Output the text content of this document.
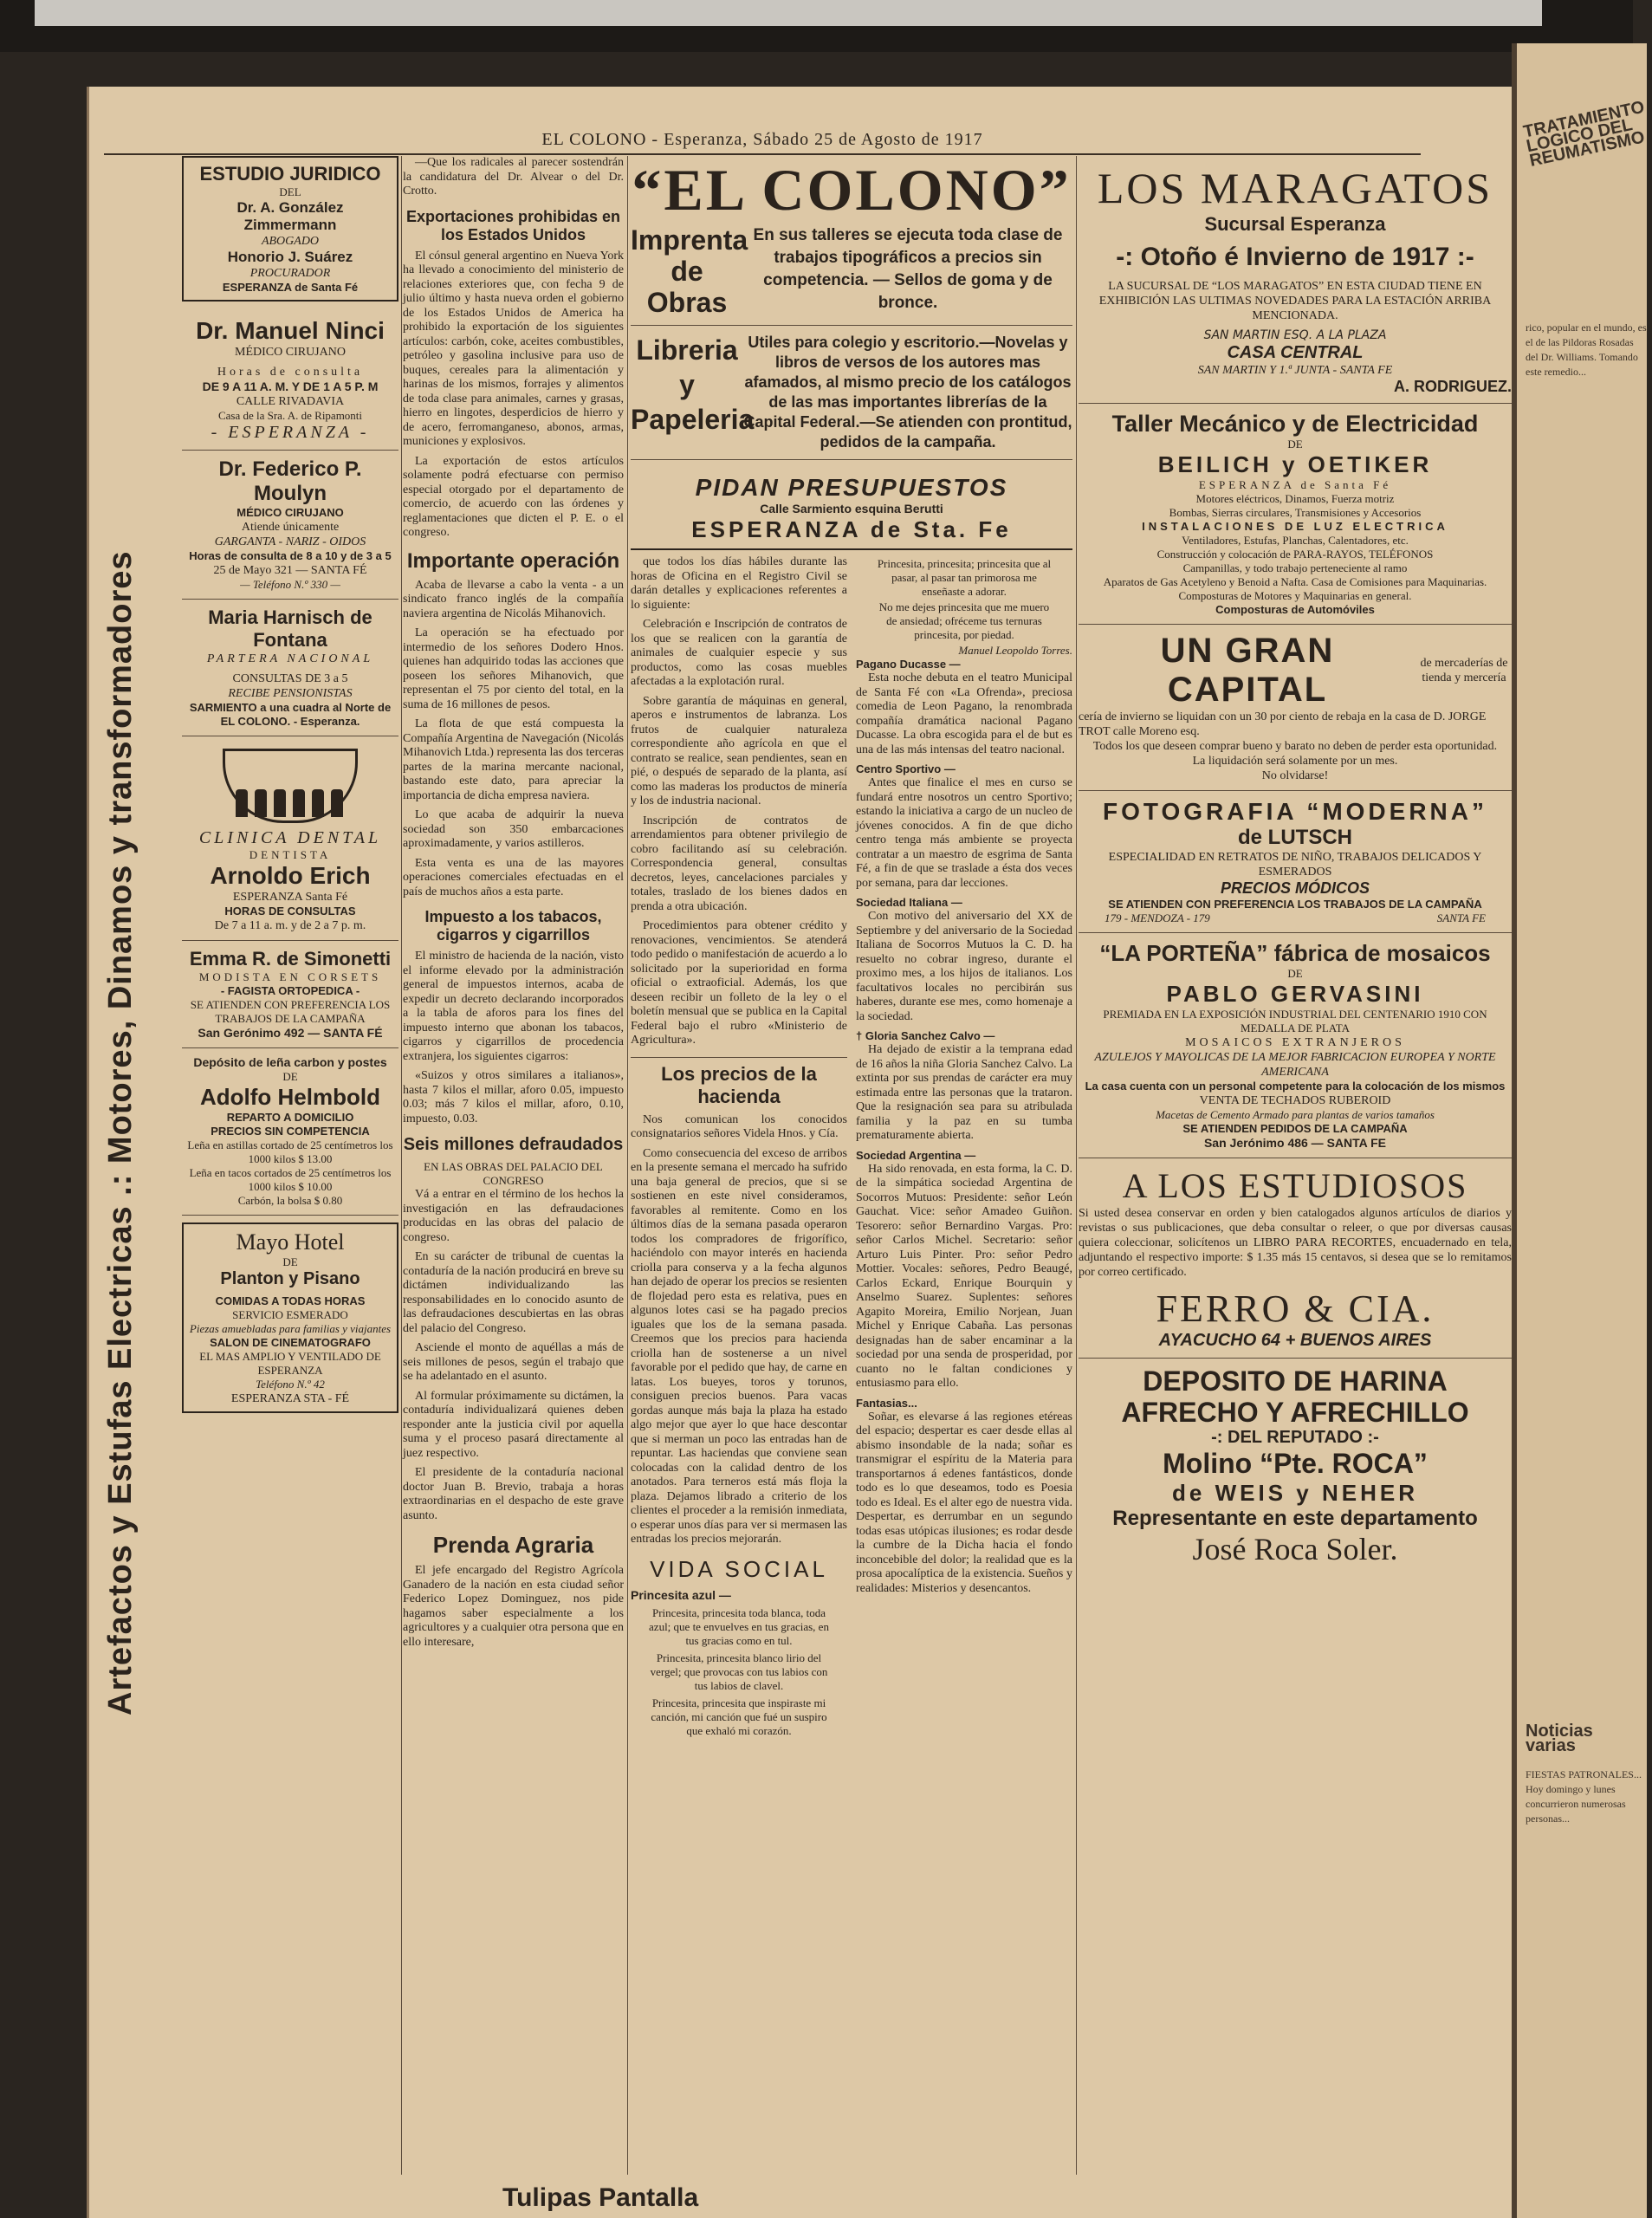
TRATAMIENTO LOGICO DEL REUMATISMO
rico, popular en el mundo, es el de las Pildoras Rosadas del Dr. Williams. Tomando este remedio...
Noticias varias
FIESTAS PATRONALES... Hoy domingo y lunes concurrieron numerosas personas...
EL COLONO - Esperanza, Sábado 25 de Agosto de 1917
Artefactos y Estufas Electricas .: Motores, Dinamos y transformadores
ESTUDIO JURIDICO
DEL
Dr. A. González Zimmermann
ABOGADO
Honorio J. Suárez
PROCURADOR
ESPERANZA de Santa Fé
Dr. Manuel Ninci
MÉDICO CIRUJANO
Horas de consulta
DE 9 A 11 A. M. Y DE 1 A 5 P. M
CALLE RIVADAVIA
Casa de la Sra. A. de Ripamonti
- ESPERANZA -
Dr. Federico P. Moulyn
MÉDICO CIRUJANO
Atiende únicamente
GARGANTA - NARIZ - OIDOS
Horas de consulta de 8 a 10 y de 3 a 5
25 de Mayo 321 — SANTA FÉ
— Teléfono N.º 330 —
Maria Harnisch de Fontana
PARTERA NACIONAL
CONSULTAS DE 3 a 5
RECIBE PENSIONISTAS
SARMIENTO a una cuadra al Norte de EL COLONO. - Esperanza.
CLINICA DENTAL
DENTISTA
Arnoldo Erich
ESPERANZA Santa Fé
HORAS DE CONSULTAS
De 7 a 11 a. m. y de 2 a 7 p. m.
Emma R. de Simonetti
MODISTA EN CORSETS
- FAGISTA ORTOPEDICA -
SE ATIENDEN CON PREFERENCIA LOS TRABAJOS DE LA CAMPAÑA
San Gerónimo 492 — SANTA FÉ
Depósito de leña carbon y postes
DE
Adolfo Helmbold
REPARTO A DOMICILIO
PRECIOS SIN COMPETENCIA
Leña en astillas cortado de 25 centímetros los 1000 kilos $ 13.00
Leña en tacos cortados de 25 centímetros los 1000 kilos $ 10.00
Carbón, la bolsa $ 0.80
Mayo Hotel
DE
Planton y Pisano
COMIDAS A TODAS HORAS
SERVICIO ESMERADO
Piezas amuebladas para familias y viajantes
SALON DE CINEMATOGRAFO
EL MAS AMPLIO Y VENTILADO DE ESPERANZA
Teléfono N.º 42
ESPERANZA STA - FÉ

—Que los radicales al parecer sostendrán la candidatura del Dr. Alvear o del Dr. Crotto.

Exportaciones prohibidas en los Estados Unidos

El cónsul general argentino en Nueva York ha llevado a conocimiento del ministerio de relaciones exteriores que, con fecha 9 de julio último y hasta nueva orden el gobierno de los Estados Unidos de America ha prohibido la exportación de los siguientes artículos: carbón, coke, aceites combustibles, petróleo y gasolina inclusive para uso de buques, cereales para la alimentación y harinas de los mismos, forrajes y alimentos de toda clase para animales, carnes y grasas, hierro en lingotes, desperdicios de hierro y de acero, ferromanganeso, abonos, armas, municiones y explosivos.

La exportación de estos artículos solamente podrá efectuarse con permiso especial otorgado por el departamento de comercio, de acuerdo con las órdenes y reglamentaciones que dicten el P. E. o el congreso.

Importante operación

Acaba de llevarse a cabo la venta - a un sindicato franco inglés de la compañía naviera argentina de Nicolás Mihanovich.

La operación se ha efectuado por intermedio de los señores Dodero Hnos. quienes han adquirido todas las acciones que poseen los señores Mihanovich, que representan el 75 por ciento del total, en la suma de 16 millones de pesos.

La flota de que está compuesta la Compañía Argentina de Navegación (Nicolás Mihanovich Ltda.) representa las dos terceras partes de la marina mercante nacional, bastando este dato, para apreciar la importancia de dicha empresa naviera.

Lo que acaba de adquirir la nueva sociedad son 350 embarcaciones aproximadamente, y varios astilleros.

Esta venta es una de las mayores operaciones comerciales efectuadas en el país de muchos años a esta parte.

Impuesto a los tabacos, cigarros y cigarrillos

El ministro de hacienda de la nación, visto el informe elevado por la administración general de impuestos internos, acaba de expedir un decreto declarando incorporados a la tabla de aforos para los fines del impuesto interno que abonan los tabacos, cigarros y cigarrillos de procedencia extranjera, los siguientes cigarros:

«Suizos y otros similares a italianos», hasta 7 kilos el millar, aforo 0.05, impuesto 0.03; más 7 kilos el millar, aforo, 0.10, impuesto, 0.03.

Seis millones defraudados
EN LAS OBRAS DEL PALACIO DEL CONGRESO

Vá a entrar en el término de los hechos la investigación en las defraudaciones producidas en las obras del palacio de congreso.

En su carácter de tribunal de cuentas la contaduría de la nación producirá en breve su dictámen individualizando las responsabilidades en lo conocido asunto de las defraudaciones descubiertas en las obras del palacio del Congreso.

Asciende el monto de aquéllas a más de seis millones de pesos, según el trabajo que se ha adelantado en el asunto.

Al formular próximamente su dictámen, la contaduría individualizará quienes deben responder ante la justicia civil por aquella suma y el proceso pasará directamente al juez respectivo.

El presidente de la contaduría nacional doctor Juan B. Brevio, trabaja a horas extraordinarias en el despacho de este grave asunto.

Prenda Agraria

El jefe encargado del Registro Agrícola Ganadero de la nación en esta ciudad señor Federico Lopez Dominguez, nos pide hagamos saber especialmente a los agricultores y a cualquier otra persona que en ello interesare,

“EL COLONO”
Imprenta de Obras
En sus talleres se ejecuta toda clase de trabajos tipográficos a precios sin competencia. — Sellos de goma y de bronce.
Libreria y Papeleria
Utiles para colegio y escritorio.—Novelas y libros de versos de los autores mas afamados, al mismo precio de los catálogos de las mas importantes librerías de la Capital Federal.—Se atienden con prontitud, pedidos de la campaña.
PIDAN PRESUPUESTOS
Calle Sarmiento esquina Berutti
ESPERANZA de Sta. Fe

que todos los días hábiles durante las horas de Oficina en el Registro Civil se darán detalles y explicaciones referentes a lo siguiente:

Celebración e Inscripción de contratos de los que se realicen con la garantía de animales de cualquier especie y sus productos, como las cosas muebles afectadas a la explotación rural.

Sobre garantía de máquinas en general, aperos e instrumentos de labranza. Los frutos de cualquier naturaleza correspondiente año agrícola en que el contrato se realice, sean pendientes, sean en pié, o después de separado de la planta, así como las maderas los productos de minería y los de industria nacional.

Inscripción de contratos de arrendamientos para obtener privilegio de cobro facilitando así su celebración. Correspondencia general, consultas decretos, leyes, cancelaciones parciales y totales, traslado de los bienes dados en prenda a otra ubicación.

Procedimientos para obtener crédito y renovaciones, vencimientos. Se atenderá todo pedido o manifestación de acuerdo a lo solicitado por la superioridad en forma oficial o extraoficial. Además, los que deseen recibir un folleto de la ley o el boletín mensual que se publica en la Capital Federal bajo el rubro «Ministerio de Agricultura».

Los precios de la hacienda

Nos comunican los conocidos consignatarios señores Videla Hnos. y Cía.

Como consecuencia del exceso de arribos en la presente semana el mercado ha sufrido una baja general de precios, que si se sostienen en este nivel consideramos, favorables al remitente. Como en los últimos días de la semana pasada operaron todos los compradores de frigorífico, haciéndolo con mayor interés en hacienda criolla para conserva y a la fecha algunos han dejado de operar los precios se resienten de flojedad pero esta es relativa, pues en algunos lotes casi se ha pagado precios iguales que los de la semana pasada. Creemos que los precios para hacienda criolla han de sostenerse a un nivel favorable por el pedido que hay, de carne en latas. Los bueyes, toros y torunos, consiguen precios buenos. Para vacas gordas aunque más baja la plaza ha estado algo mejor que ayer lo que hace descontar que si merman un poco las entradas han de repuntar. Las haciendas que conviene sean colocadas con la calidad dentro de los anotados. Para terneros está más floja la plaza. Dejamos librado a criterio de los clientes el proceder a la remisión inmediata, o esperar unos días para ver si mermasen las entradas los precios mejorarán.

VIDA SOCIAL
Princesita azul —
Princesita, princesita toda blanca, toda azul; que te envuelves en tus gracias, en tus gracias como en tul.
Princesita, princesita blanco lirio del vergel; que provocas con tus labios con tus labios de clavel.
Princesita, princesita que inspiraste mi canción, mi canción que fué un suspiro que exhaló mi corazón.
Princesita, princesita; princesita que al pasar, al pasar tan primorosa me enseñaste a adorar.
No me dejes princesita que me muero de ansiedad; ofréceme tus ternuras princesita, por piedad.
Manuel Leopoldo Torres.
Pagano Ducasse —

Esta noche debuta en el teatro Municipal de Santa Fé con «La Ofrenda», preciosa comedia de Leon Pagano, la renombrada compañía dramática nacional Pagano Ducasse. La obra escogida para el de but es una de las más intensas del teatro nacional.

Centro Sportivo —

Antes que finalice el mes en curso se fundará entre nosotros un centro Sportivo; estando la iniciativa a cargo de un nucleo de jóvenes conocidos. A fin de que dicho centro tenga más ambiente se proyecta contratar a un maestro de esgrima de Santa Fé, a fin de que se traslade a ésta dos veces por semana, para dar lecciones.

Sociedad Italiana —

Con motivo del aniversario del XX de Septiembre y del aniversario de la Sociedad Italiana de Socorros Mutuos la C. D. ha resuelto no cobrar ingreso, durante el proximo mes, a los hijos de italianos. Los facultativos locales no percibirán sus haberes, durante ese mes, como homenaje a la sociedad.

† Gloria Sanchez Calvo —

Ha dejado de existir a la temprana edad de 16 años la niña Gloria Sanchez Calvo. La extinta por sus prendas de carácter era muy estimada entre las personas que la trataron. Que la resignación sea para su atribulada familia y la paz en su tumba prematuramente abierta.

Sociedad Argentina —

Ha sido renovada, en esta forma, la C. D. de la simpática sociedad Argentina de Socorros Mutuos: Presidente: señor León Gauchat. Vice: señor Amadeo Guiñon. Tesorero: señor Bernardino Vargas. Pro: señor Carlos Michel. Secretario: señor Arturo Luis Pinter. Pro: señor Pedro Mottier. Vocales: señores, Pedro Beaugé, Carlos Eckard, Enrique Bourquin y Anselmo Suarez. Suplentes: señores Agapito Moreira, Emilio Norjean, Juan Michel y Enrique Cabaña. Las personas designadas han de saber encaminar a la sociedad por una senda de prosperidad, por cuanto no le faltan condiciones y entusiasmo para ello.

Fantasias...

Soñar, es elevarse á las regiones etéreas del espacio; despertar es caer desde ellas al abismo insondable de la nada; soñar es transmigrar el espíritu de la Materia para transportarnos á edenes fantásticos, donde todo es lo que deseamos, todo es Poesia todo es Ideal. Es el alter ego de nuestra vida. Despertar, es derrumbar en un segundo todas esas utópicas ilusiones; es rodar desde la cumbre de la Dicha hacia el fondo inconcebible del dolor; la realidad que es la prosa apocalíptica de la existencia. Sueños y realidades: Misterios y desencantos.

LOS MARAGATOS
Sucursal Esperanza
-: Otoño é Invierno de 1917 :-
LA SUCURSAL DE “LOS MARAGATOS” EN ESTA CIUDAD TIENE EN EXHIBICIÓN LAS ULTIMAS NOVEDADES PARA LA ESTACIÓN ARRIBA MENCIONADA.
SAN MARTIN ESQ. A LA PLAZA
CASA CENTRAL
SAN MARTIN Y 1.ª JUNTA - SANTA FE
A. RODRIGUEZ.
Taller Mecánico y de Electricidad
DE
BEILICH y OETIKER
ESPERANZA de Santa Fé
Motores eléctricos, Dinamos, Fuerza motriz
Bombas, Sierras circulares, Transmisiones y Accesorios
INSTALACIONES DE LUZ ELECTRICA
Ventiladores, Estufas, Planchas, Calentadores, etc.
Construcción y colocación de PARA-RAYOS, TELÉFONOS
Campanillas, y todo trabajo perteneciente al ramo
Aparatos de Gas Acetyleno y Benoid a Nafta. Casa de Comisiones para Maquinarias. Composturas de Motores y Maquinarias en general.
Composturas de Automóviles
UN GRAN CAPITAL
de mercaderías de tienda y mercería
cería de invierno se liquidan con un 30 por ciento de rebaja en la casa de D. JORGE TROT calle Moreno esq.
Todos los que deseen comprar bueno y barato no deben de perder esta oportunidad.
La liquidación será solamente por un mes.
No olvidarse!
FOTOGRAFIA “MODERNA”
de LUTSCH
ESPECIALIDAD EN RETRATOS DE NIÑO, TRABAJOS DELICADOS Y ESMERADOS
PRECIOS MÓDICOS
SE ATIENDEN CON PREFERENCIA LOS TRABAJOS DE LA CAMPAÑA
179 - MENDOZA - 179	SANTA FE
“LA PORTEÑA” fábrica de mosaicos
DE
PABLO GERVASINI
PREMIADA EN LA EXPOSICIÓN INDUSTRIAL DEL CENTENARIO 1910 CON MEDALLA DE PLATA
MOSAICOS EXTRANJEROS
AZULEJOS Y MAYOLICAS DE LA MEJOR FABRICACION EUROPEA Y NORTE AMERICANA
La casa cuenta con un personal competente para la colocación de los mismos
VENTA DE TECHADOS RUBEROID
Macetas de Cemento Armado para plantas de varios tamaños
SE ATIENDEN PEDIDOS DE LA CAMPAÑA
San Jerónimo 486 — SANTA FE
A LOS ESTUDIOSOS
Si usted desea conservar en orden y bien catalogados algunos artículos de diarios y revistas o sus publicaciones, que deba consultar o releer, o que por diversas causas quiera coleccionar, solicítenos un LIBRO PARA RECORTES, encuadernado en tela, adjuntando el respectivo importe: $ 1.35 más 15 centavos, si desea que se lo remitamos por correo certificado.
FERRO & CIA.
AYACUCHO 64 + BUENOS AIRES
DEPOSITO DE HARINA AFRECHO Y AFRECHILLO
-: DEL REPUTADO :-
Molino “Pte. ROCA”
de WEIS y NEHER
Representante en este departamento
José Roca Soler.
Tulipas Pantalla
